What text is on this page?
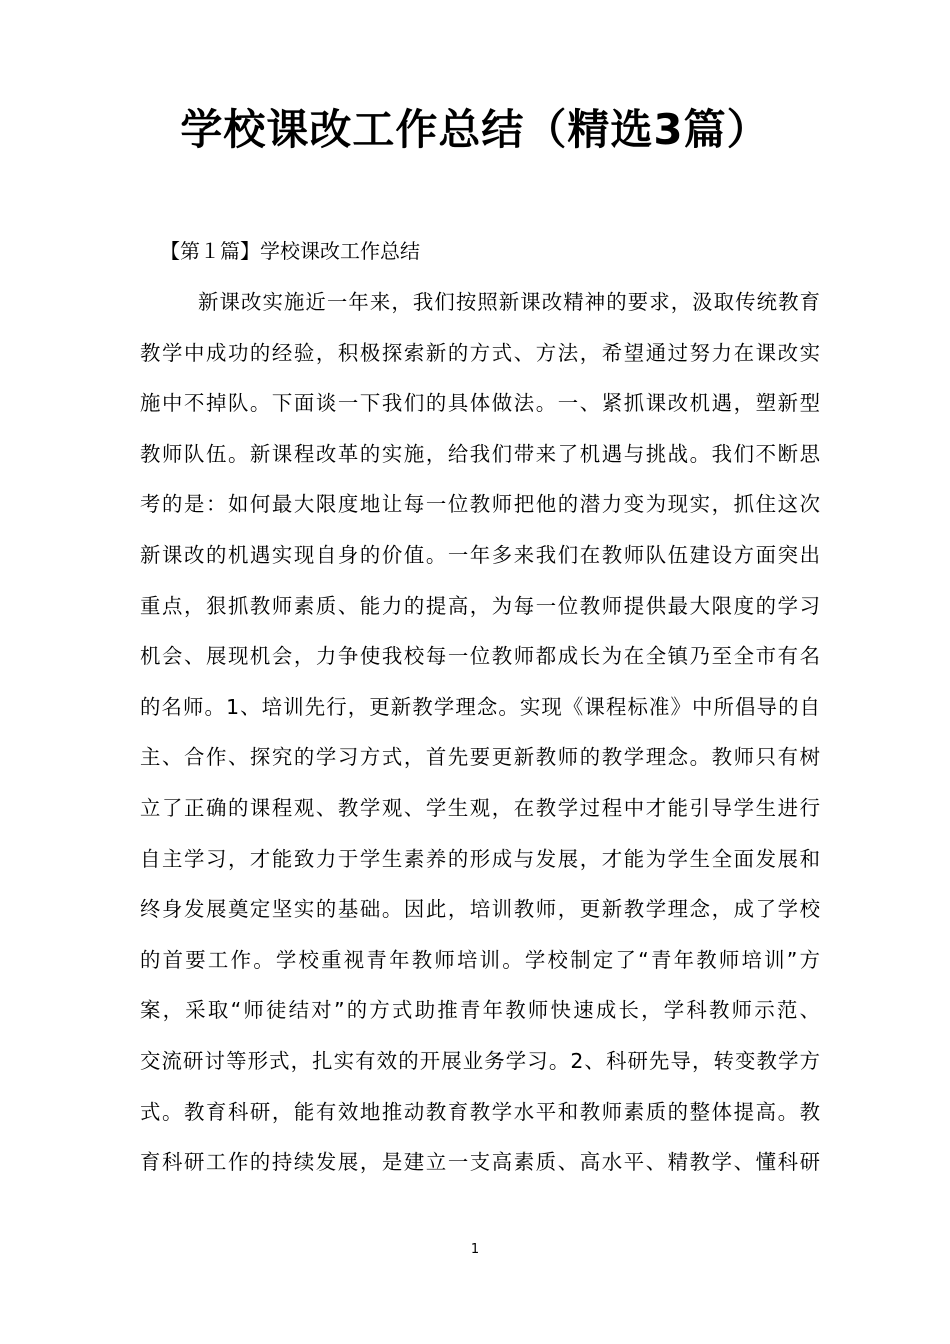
学校课改工作总结（精选3篇）
【第１篇】学校课改工作总结
新课改实施近一年来，我们按照新课改精神的要求，汲取传统教育
教学中成功的经验，积极探索新的方式、方法，希望通过努力在课改实
施中不掉队。下面谈一下我们的具体做法。一、紧抓课改机遇，塑新型
教师队伍。新课程改革的实施，给我们带来了机遇与挑战。我们不断思
考的是：如何最大限度地让每一位教师把他的潜力变为现实，抓住这次
新课改的机遇实现自身的价值。一年多来我们在教师队伍建设方面突出
重点，狠抓教师素质、能力的提高，为每一位教师提供最大限度的学习
机会、展现机会，力争使我校每一位教师都成长为在全镇乃至全市有名
的名师。1、培训先行，更新教学理念。实现《课程标准》中所倡导的自
主、合作、探究的学习方式，首先要更新教师的教学理念。教师只有树
立了正确的课程观、教学观、学生观，在教学过程中才能引导学生进行
自主学习，才能致力于学生素养的形成与发展，才能为学生全面发展和
终身发展奠定坚实的基础。因此，培训教师，更新教学理念，成了学校
的首要工作。学校重视青年教师培训。学校制定了“青年教师培训”方
案，采取“师徒结对”的方式助推青年教师快速成长，学科教师示范、
交流研讨等形式，扎实有效的开展业务学习。2、科研先导，转变教学方
式。教育科研，能有效地推动教育教学水平和教师素质的整体提高。教
育科研工作的持续发展，是建立一支高素质、高水平、精教学、懂科研
1
